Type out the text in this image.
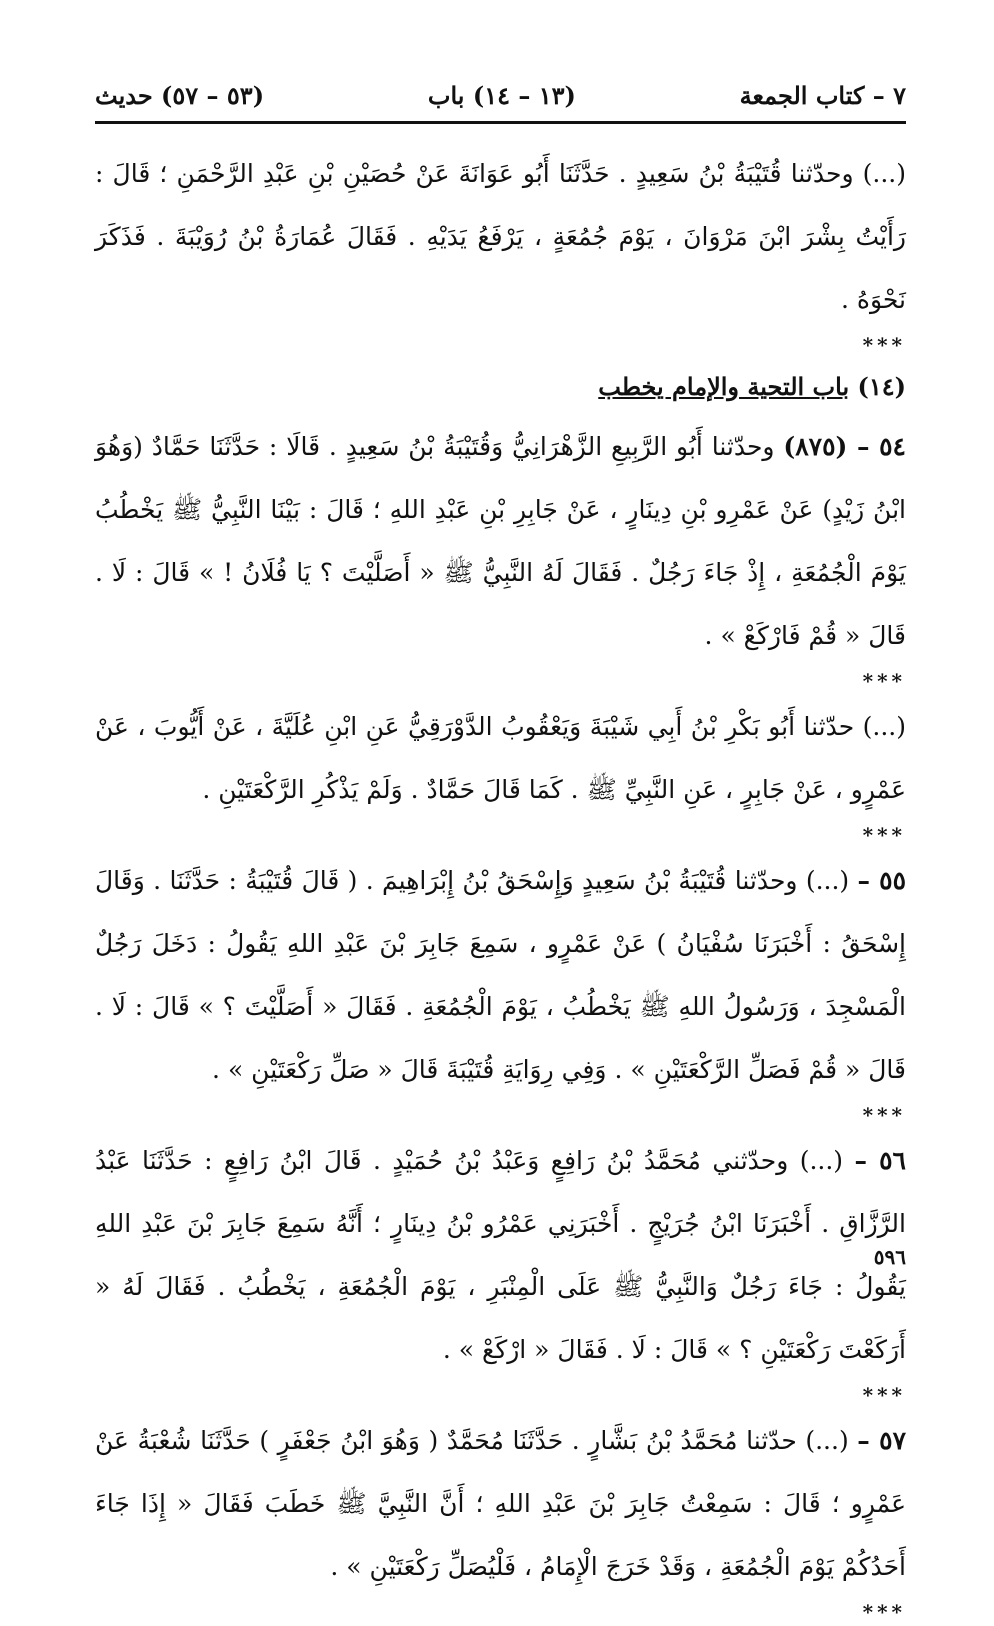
٧ – كتاب الجمعة
(١٣ – ١٤) باب
(٥٣ – ٥٧) حديث

(...) وحدّثنا قُتَيْبَةُ بْنُ سَعِيدٍ . حَدَّثَنَا أَبُو عَوَانَةَ عَنْ حُصَيْنِ بْنِ عَبْدِ الرَّحْمَنِ ؛ قَالَ : رَأَيْتُ بِشْرَ ابْنَ مَرْوَانَ ، يَوْمَ جُمُعَةٍ ، يَرْفَعُ يَدَيْهِ . فَقَالَ عُمَارَةُ بْنُ رُوَيْبَةَ . فَذَكَرَ نَحْوَهُ .

***
(١٤) باب التحية والإمام يخطب

٥٤ – (٨٧٥) وحدّثنا أَبُو الرَّبِيعِ الزَّهْرَانِيُّ وَقُتَيْبَةُ بْنُ سَعِيدٍ . قَالَا : حَدَّثَنَا حَمَّادٌ (وَهُوَ ابْنُ زَيْدٍ) عَنْ عَمْرِو بْنِ دِينَارٍ ، عَنْ جَابِرِ بْنِ عَبْدِ اللهِ ؛ قَالَ : بَيْنَا النَّبِيُّ ﷺ يَخْطُبُ يَوْمَ الْجُمُعَةِ ، إِذْ جَاءَ رَجُلٌ . فَقَالَ لَهُ النَّبِيُّ ﷺ « أَصَلَّيْتَ ؟ يَا فُلَانُ ! » قَالَ : لَا . قَالَ « قُمْ فَارْكَعْ » .

***

(...) حدّثنا أَبُو بَكْرِ بْنُ أَبِي شَيْبَةَ وَيَعْقُوبُ الدَّوْرَقِيُّ عَنِ ابْنِ عُلَيَّةَ ، عَنْ أَيُّوبَ ، عَنْ عَمْرٍو ، عَنْ جَابِرٍ ، عَنِ النَّبِيِّ ﷺ . كَمَا قَالَ حَمَّادٌ . وَلَمْ يَذْكُرِ الرَّكْعَتَيْنِ .

***

٥٥ – (...) وحدّثنا قُتَيْبَةُ بْنُ سَعِيدٍ وَإِسْحَقُ بْنُ إِبْرَاهِيمَ . ( قَالَ قُتَيْبَةُ : حَدَّثَنَا . وَقَالَ إِسْحَقُ : أَخْبَرَنَا سُفْيَانُ ) عَنْ عَمْرٍو ، سَمِعَ جَابِرَ بْنَ عَبْدِ اللهِ يَقُولُ : دَخَلَ رَجُلٌ الْمَسْجِدَ ، وَرَسُولُ اللهِ ﷺ يَخْطُبُ ، يَوْمَ الْجُمُعَةِ . فَقَالَ « أَصَلَّيْتَ ؟ » قَالَ : لَا . قَالَ « قُمْ فَصَلِّ الرَّكْعَتَيْنِ » . وَفِي رِوَايَةِ قُتَيْبَةَ قَالَ « صَلِّ رَكْعَتَيْنِ » .

***

٥٦ – (...) وحدّثني مُحَمَّدُ بْنُ رَافِعٍ وَعَبْدُ بْنُ حُمَيْدٍ . قَالَ ابْنُ رَافِعٍ : حَدَّثَنَا عَبْدُ الرَّزَّاقِ . أَخْبَرَنَا ابْنُ جُرَيْجٍ . أَخْبَرَنِي عَمْرُو بْنُ دِينَارٍ ؛ أَنَّهُ سَمِعَ جَابِرَ بْنَ عَبْدِ اللهِ يَقُولُ : جَاءَ رَجُلٌ وَالنَّبِيُّ ﷺ عَلَى الْمِنْبَرِ ، يَوْمَ الْجُمُعَةِ ، يَخْطُبُ . فَقَالَ لَهُ « أَرَكَعْتَ رَكْعَتَيْنِ ؟ » قَالَ : لَا . فَقَالَ « ارْكَعْ » .

***

٥٧ – (...) حدّثنا مُحَمَّدُ بْنُ بَشَّارٍ . حَدَّثَنَا مُحَمَّدٌ ( وَهُوَ ابْنُ جَعْفَرٍ ) حَدَّثَنَا شُعْبَةُ عَنْ عَمْرٍو ؛ قَالَ : سَمِعْتُ جَابِرَ بْنَ عَبْدِ اللهِ ؛ أَنَّ النَّبِيَّ ﷺ خَطَبَ فَقَالَ « إِذَا جَاءَ أَحَدُكُمْ يَوْمَ الْجُمُعَةِ ، وَقَدْ خَرَجَ الْإِمَامُ ، فَلْيُصَلِّ رَكْعَتَيْنِ » .

***
٥٩٦
